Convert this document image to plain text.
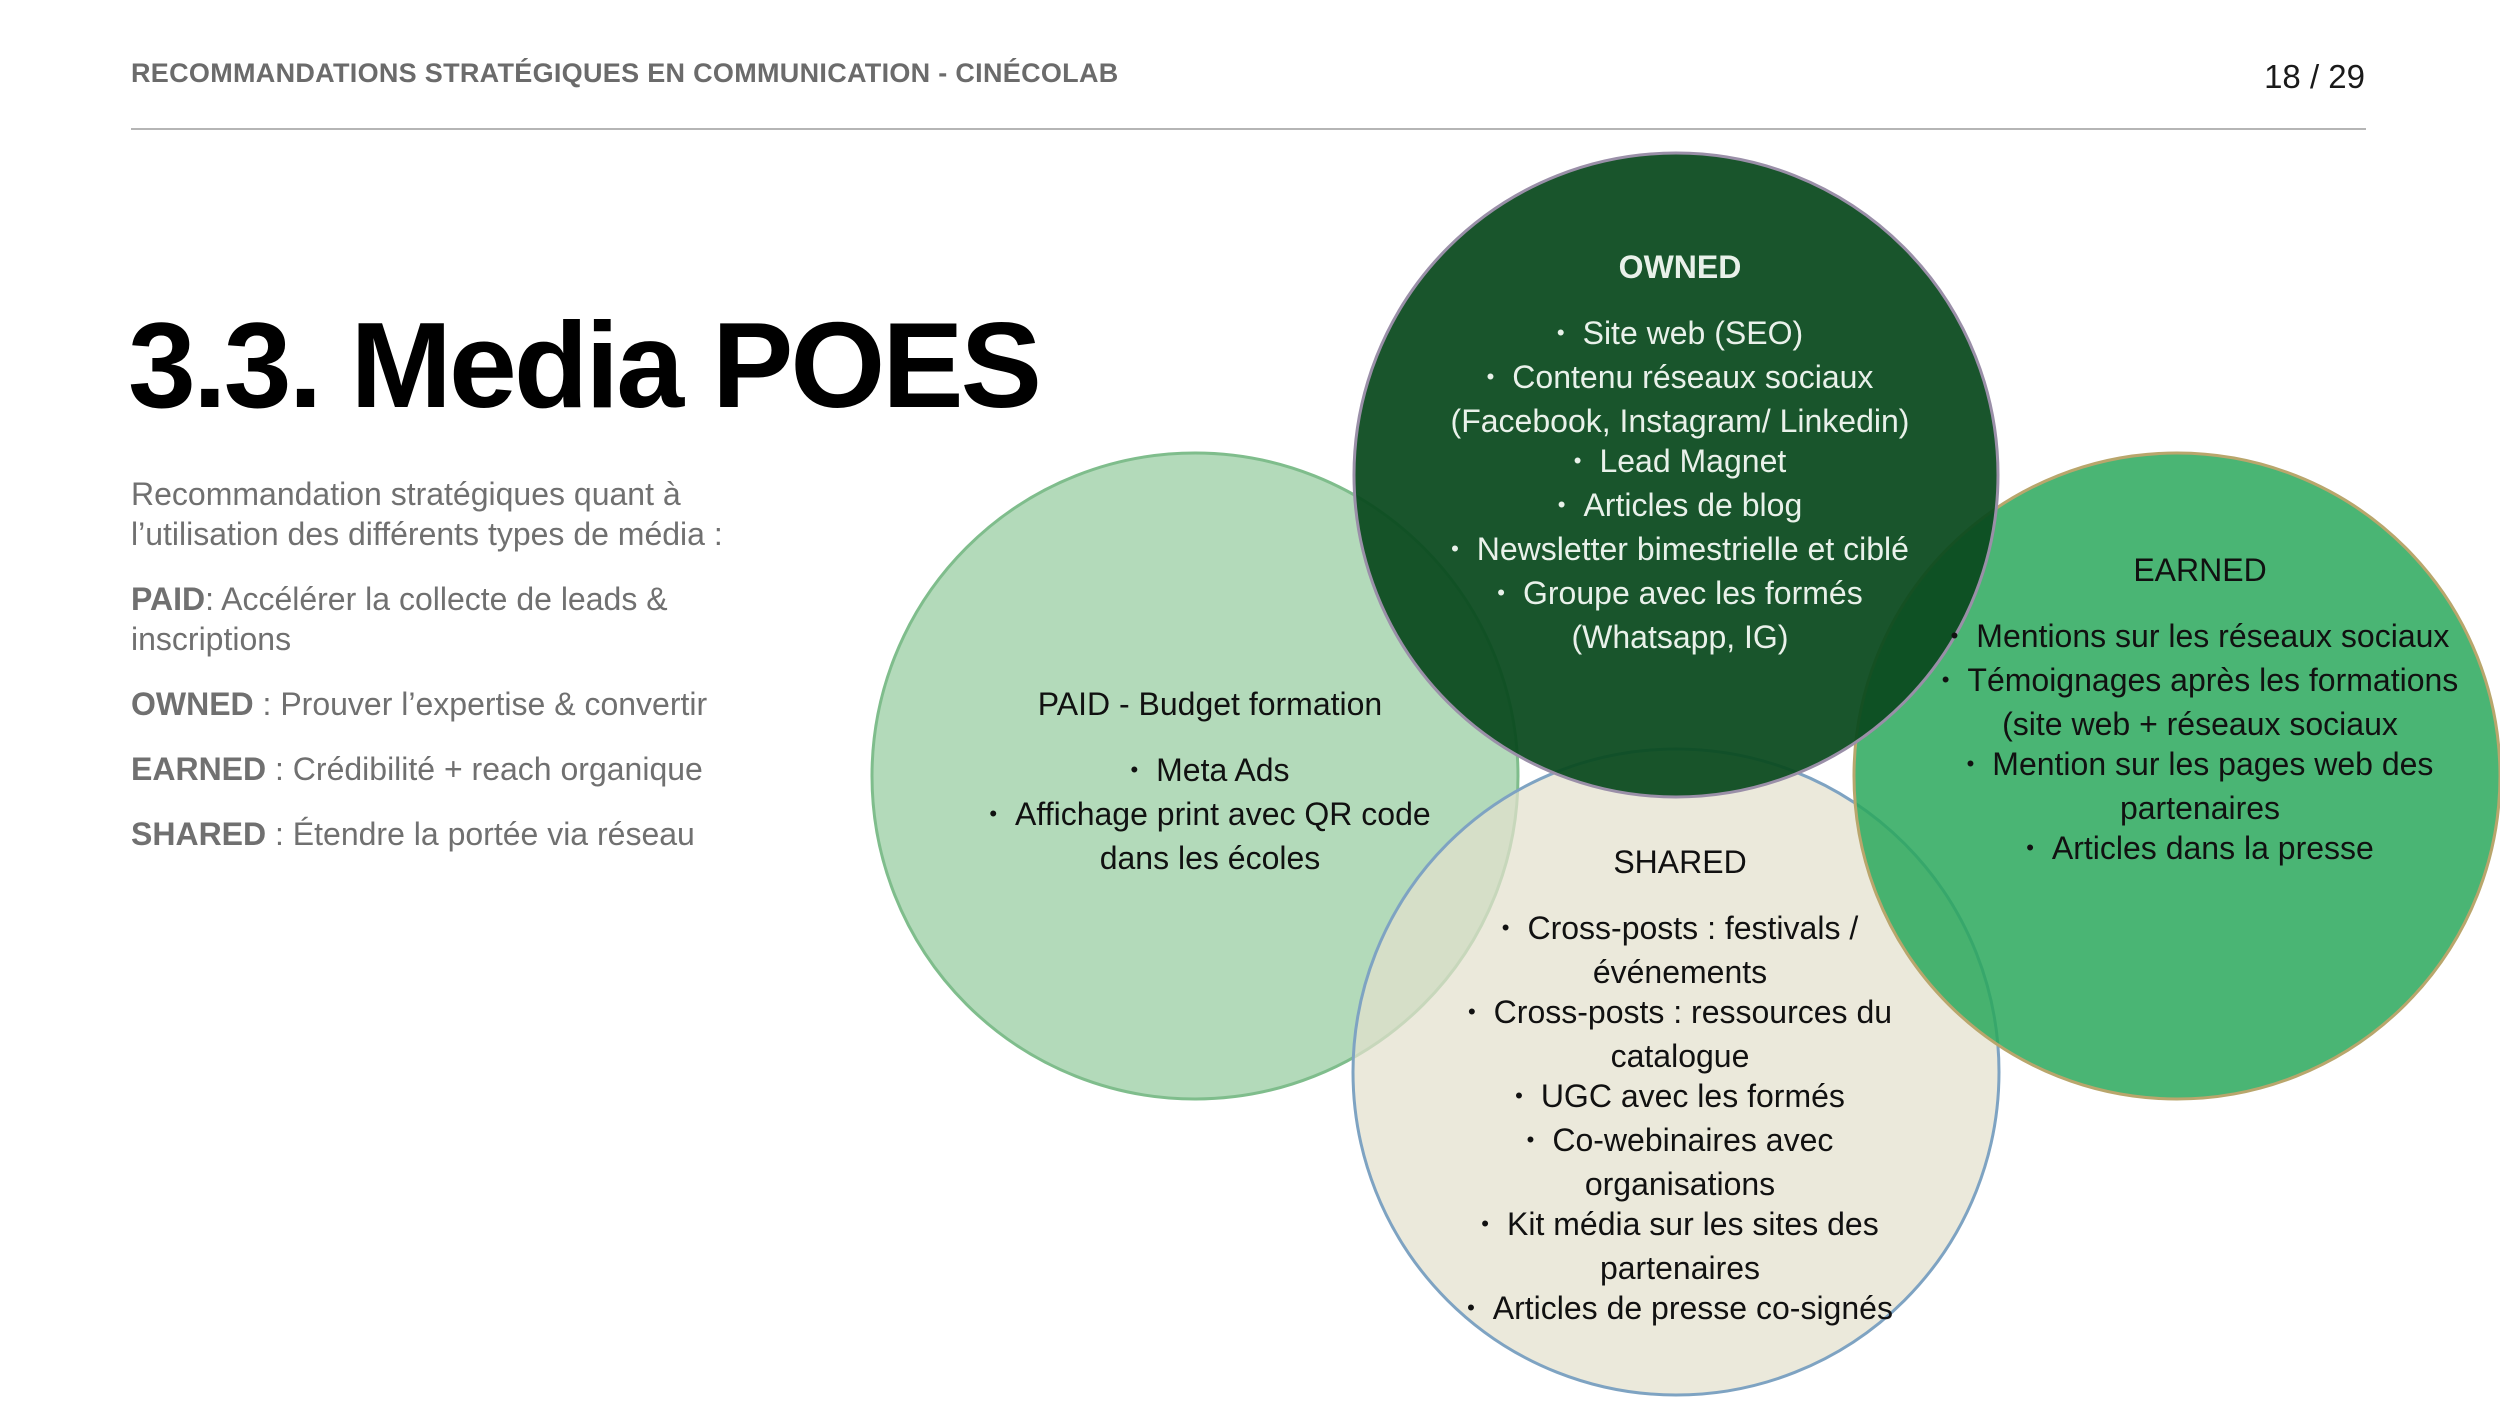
RECOMMANDATIONS STRATÉGIQUES EN COMMUNICATION - CINÉCOLAB	18 / 29
3.3. Media POES

Recommandation stratégiques quant à l’utilisation des différents types de média :

PAID: Accélérer la collecte de leads & inscriptions

OWNED : Prouver l’expertise & convertir

EARNED : Crédibilité + reach organique

SHARED : Étendre la portée via réseau

PAID - Budget formation
• Meta Ads
• Affichage print avec QR code dans les écoles
OWNED
• Site web (SEO)
• Contenu réseaux sociaux (Facebook, Instagram/ Linkedin)
• Lead Magnet
• Articles de blog
• Newsletter bimestrielle et ciblé
• Groupe avec les formés (Whatsapp, IG)
SHARED
• Cross-posts : festivals / événements
• Cross-posts : ressources du catalogue
• UGC avec les formés
• Co-webinaires avec organisations
• Kit média sur les sites des partenaires
• Articles de presse co-signés
EARNED
• Mentions sur les réseaux sociaux
• Témoignages après les formations (site web + réseaux sociaux
• Mention sur les pages web des partenaires
• Articles dans la presse
